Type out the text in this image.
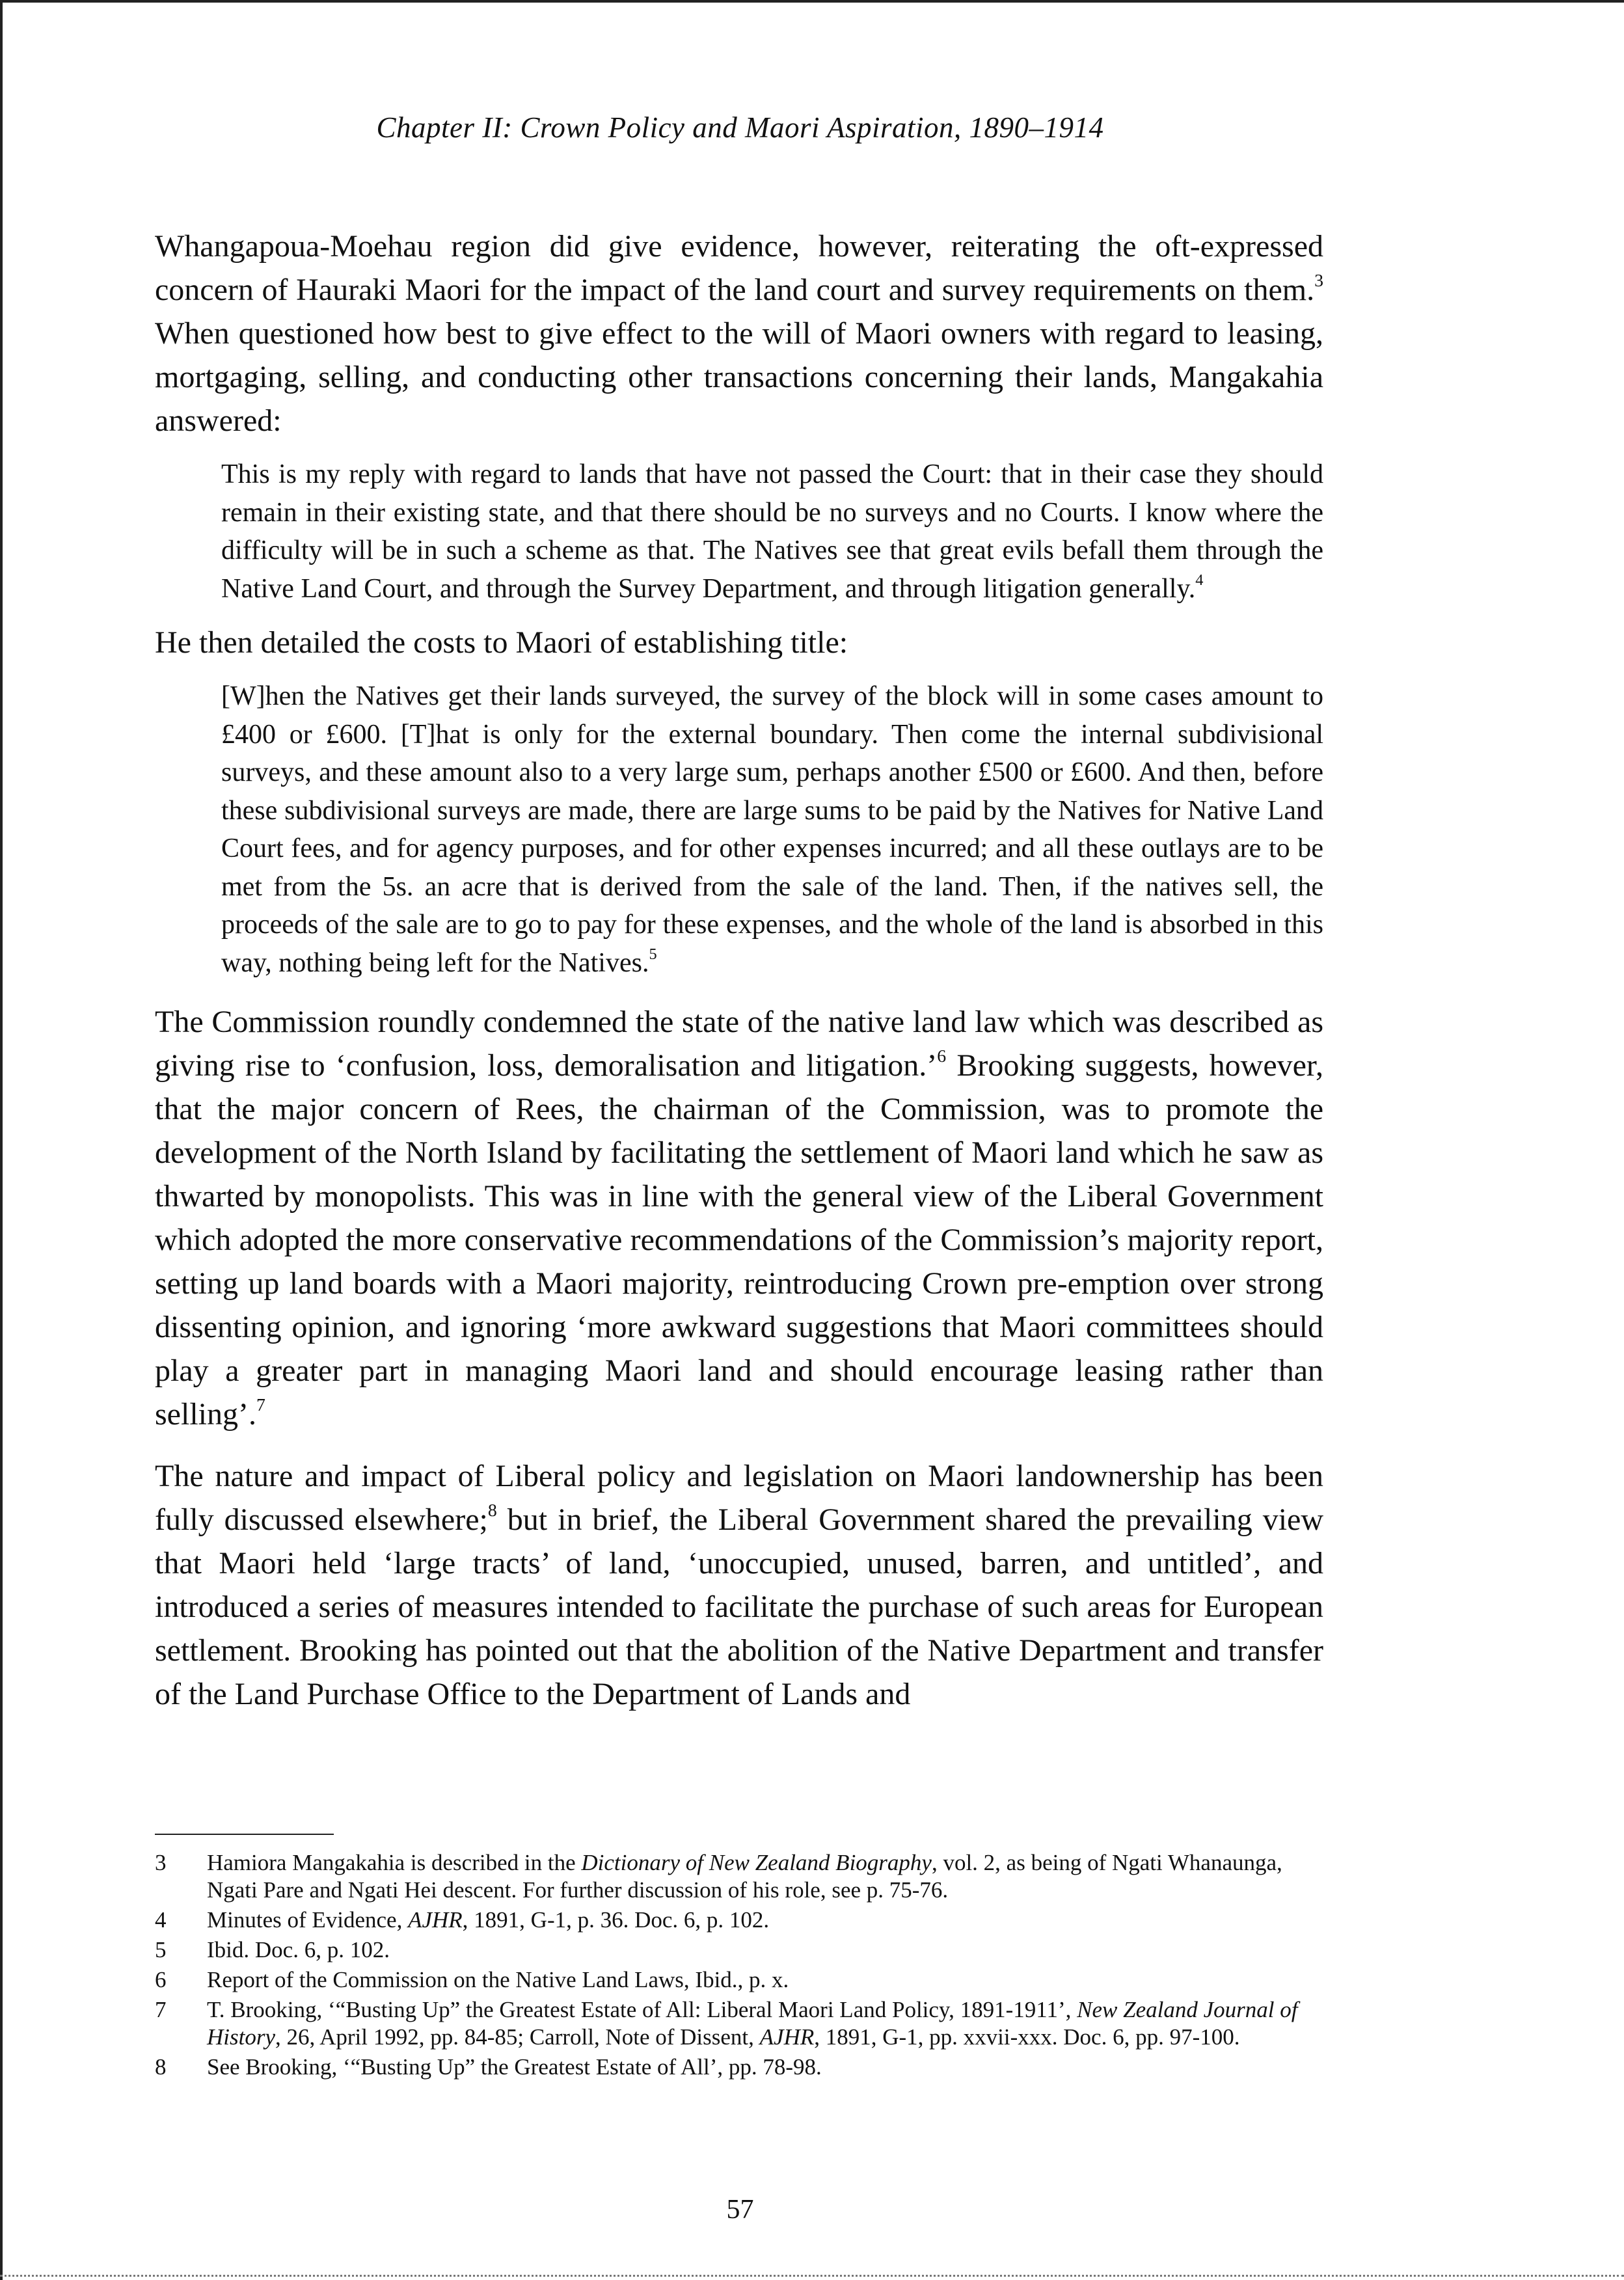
Chapter II: Crown Policy and Maori Aspiration, 1890–1914

Whangapoua-Moehau region did give evidence, however, reiterating the oft-expressed concern of Hauraki Maori for the impact of the land court and survey requirements on them.$^3$ When questioned how best to give effect to the will of Maori owners with regard to leasing, mortgaging, selling, and conducting other transactions concerning their lands, Mangakahia answered:

This is my reply with regard to lands that have not passed the Court: that in their case they should remain in their existing state, and that there should be no surveys and no Courts. I know where the difficulty will be in such a scheme as that. The Natives see that great evils befall them through the Native Land Court, and through the Survey Department, and through litigation generally.$^4$

He then detailed the costs to Maori of establishing title:

[W]hen the Natives get their lands surveyed, the survey of the block will in some cases amount to £400 or £600. [T]hat is only for the external boundary. Then come the internal subdivisional surveys, and these amount also to a very large sum, perhaps another £500 or £600. And then, before these subdivisional surveys are made, there are large sums to be paid by the Natives for Native Land Court fees, and for agency purposes, and for other expenses incurred; and all these outlays are to be met from the 5s. an acre that is derived from the sale of the land. Then, if the natives sell, the proceeds of the sale are to go to pay for these expenses, and the whole of the land is absorbed in this way, nothing being left for the Natives.$^5$

The Commission roundly condemned the state of the native land law which was described as giving rise to ‘confusion, loss, demoralisation and litigation.’$^6$ Brooking suggests, however, that the major concern of Rees, the chairman of the Commission, was to promote the development of the North Island by facilitating the settlement of Maori land which he saw as thwarted by monopolists. This was in line with the general view of the Liberal Government which adopted the more conservative recommendations of the Commission’s majority report, setting up land boards with a Maori majority, reintroducing Crown pre-emption over strong dissenting opinion, and ignoring ‘more awkward suggestions that Maori committees should play a greater part in managing Maori land and should encourage leasing rather than selling’.$^7$

The nature and impact of Liberal policy and legislation on Maori landownership has been fully discussed elsewhere;$^8$ but in brief, the Liberal Government shared the prevailing view that Maori held ‘large tracts’ of land, ‘unoccupied, unused, barren, and untitled’, and introduced a series of measures intended to facilitate the purchase of such areas for European settlement. Brooking has pointed out that the abolition of the Native Department and transfer of the Land Purchase Office to the Department of Lands and

3	Hamiora Mangakahia is described in the Dictionary of New Zealand Biography, vol. 2, as being of Ngati Whanaunga, Ngati Pare and Ngati Hei descent. For further discussion of his role, see p. 75-76.
4	Minutes of Evidence, AJHR, 1891, G-1, p. 36. Doc. 6, p. 102.
5	Ibid. Doc. 6, p. 102.
6	Report of the Commission on the Native Land Laws, Ibid., p. x.
7	T. Brooking, ‘“Busting Up” the Greatest Estate of All: Liberal Maori Land Policy, 1891-1911’, New Zealand Journal of History, 26, April 1992, pp. 84-85; Carroll, Note of Dissent, AJHR, 1891, G-1, pp. xxvii-xxx. Doc. 6, pp. 97-100.
8	See Brooking, ‘“Busting Up” the Greatest Estate of All’, pp. 78-98.
57
